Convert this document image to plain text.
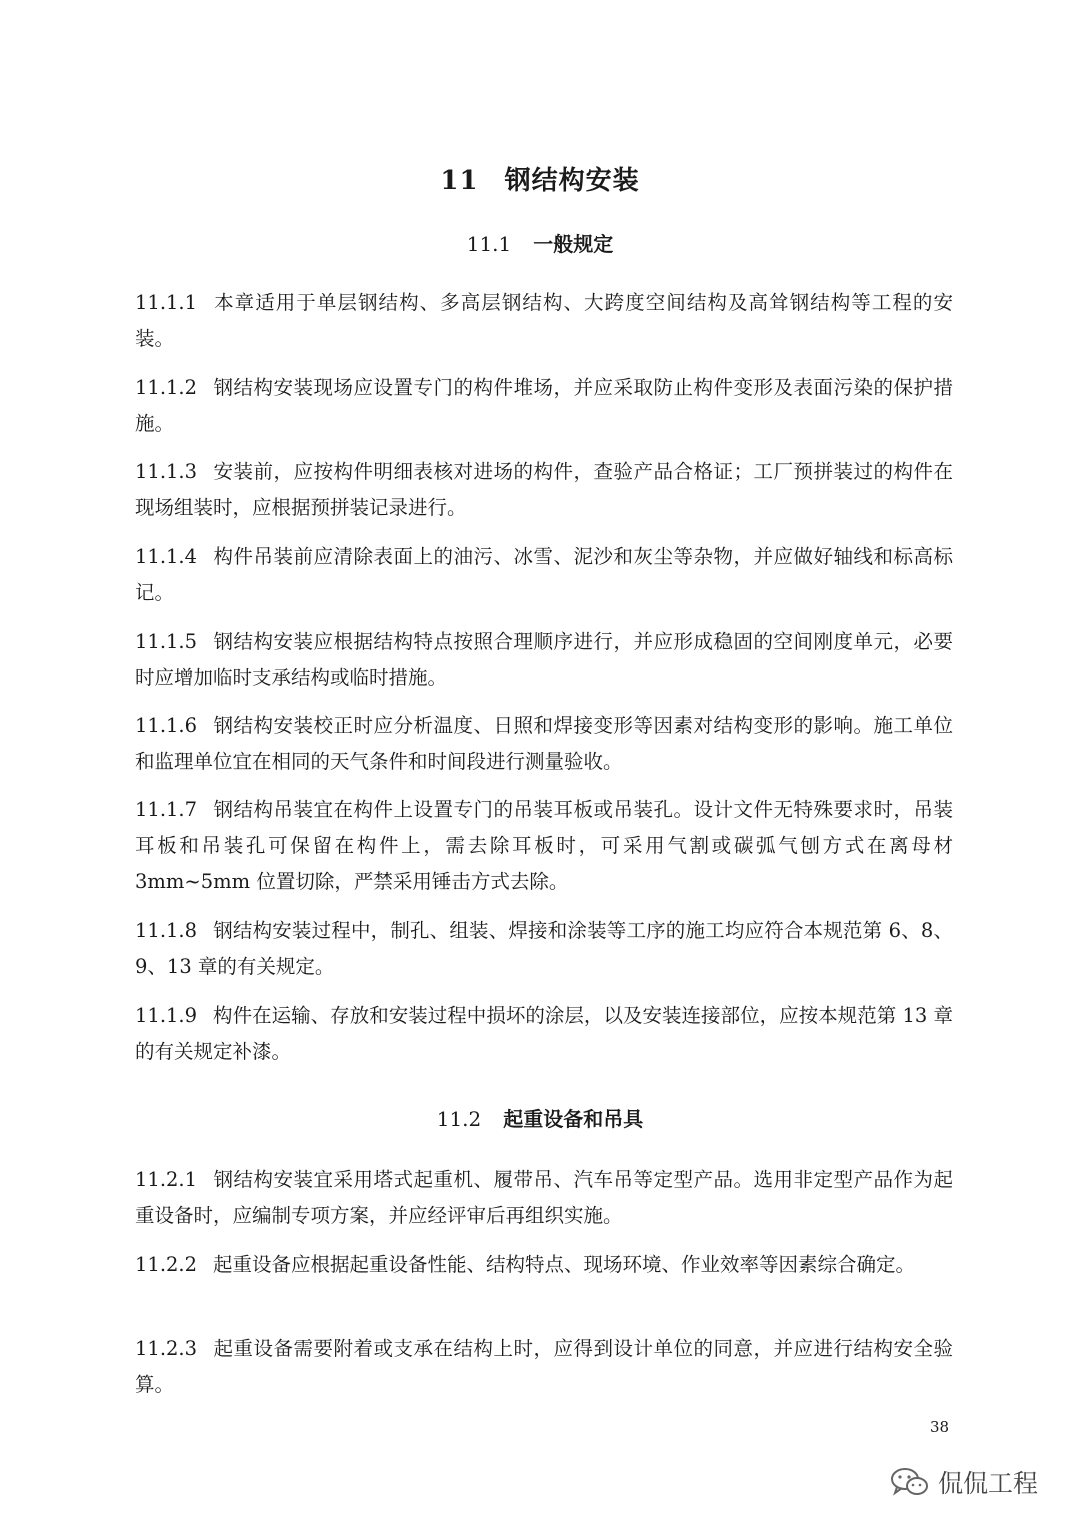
11 钢结构安装
11.1 一般规定
11.1.1 本章适用于单层钢结构、多高层钢结构、大跨度空间结构及高耸钢结构等工程的安装。
11.1.2 钢结构安装现场应设置专门的构件堆场，并应采取防止构件变形及表面污染的保护措施。
11.1.3 安装前，应按构件明细表核对进场的构件，查验产品合格证；工厂预拼装过的构件在现场组装时，应根据预拼装记录进行。
11.1.4 构件吊装前应清除表面上的油污、冰雪、泥沙和灰尘等杂物，并应做好轴线和标高标记。
11.1.5 钢结构安装应根据结构特点按照合理顺序进行，并应形成稳固的空间刚度单元，必要时应增加临时支承结构或临时措施。
11.1.6 钢结构安装校正时应分析温度、日照和焊接变形等因素对结构变形的影响。施工单位和监理单位宜在相同的天气条件和时间段进行测量验收。
11.1.7 钢结构吊装宜在构件上设置专门的吊装耳板或吊装孔。设计文件无特殊要求时，吊装耳板和吊装孔可保留在构件上，需去除耳板时，可采用气割或碳弧气刨方式在离母材 3mm~5mm 位置切除，严禁采用锤击方式去除。
11.1.8 钢结构安装过程中，制孔、组装、焊接和涂装等工序的施工均应符合本规范第 6、8、9、13 章的有关规定。
11.1.9 构件在运输、存放和安装过程中损坏的涂层，以及安装连接部位，应按本规范第 13 章的有关规定补漆。
11.2 起重设备和吊具
11.2.1 钢结构安装宜采用塔式起重机、履带吊、汽车吊等定型产品。选用非定型产品作为起重设备时，应编制专项方案，并应经评审后再组织实施。
11.2.2 起重设备应根据起重设备性能、结构特点、现场环境、作业效率等因素综合确定。
11.2.3 起重设备需要附着或支承在结构上时，应得到设计单位的同意，并应进行结构安全验算。
38
侃侃工程
